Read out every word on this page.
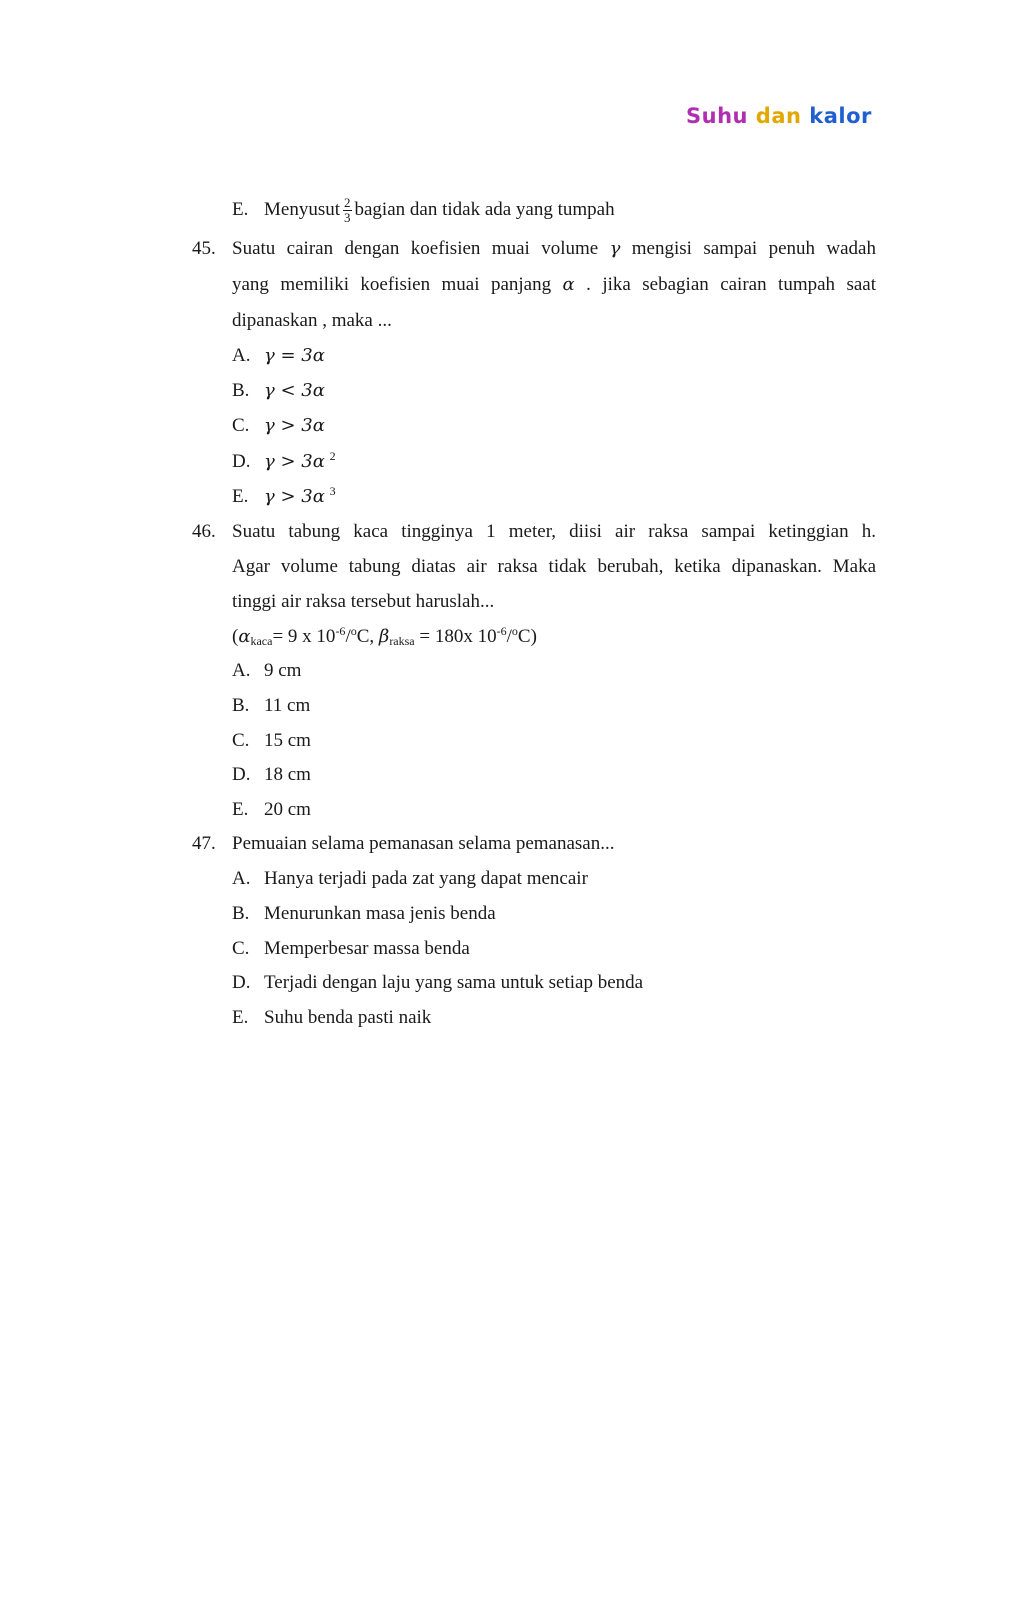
Suhu dan kalor
E. Menyusut $\frac{2}{3}$ bagian dan tidak ada yang tumpah
45. Suatu cairan dengan koefisien muai volume γ mengisi sampai penuh wadah
yang memiliki koefisien muai panjang α . jika sebagian cairan tumpah saat
dipanaskan , maka ...
A. γ = 3α
B. γ < 3α
C. γ > 3α
D. γ > 3α $^2$
E. γ > 3α $^3$
46. Suatu tabung kaca tingginya 1 meter, diisi air raksa sampai ketinggian h.
Agar volume tabung diatas air raksa tidak berubah, ketika dipanaskan. Maka
tinggi air raksa tersebut haruslah...
($\alpha_{kaca}= 9$ x $10^{-6}/^oC$, $\beta_{raksa} = 180x$ $10^{-6}/^oC$)
A. 9 cm
B. 11 cm
C. 15 cm
D. 18 cm
E. 20 cm
47. Pemuaian selama pemanasan selama pemanasan...
A. Hanya terjadi pada zat yang dapat mencair
B. Menurunkan masa jenis benda
C. Memperbesar massa benda
D. Terjadi dengan laju yang sama untuk setiap benda
E. Suhu benda pasti naik
